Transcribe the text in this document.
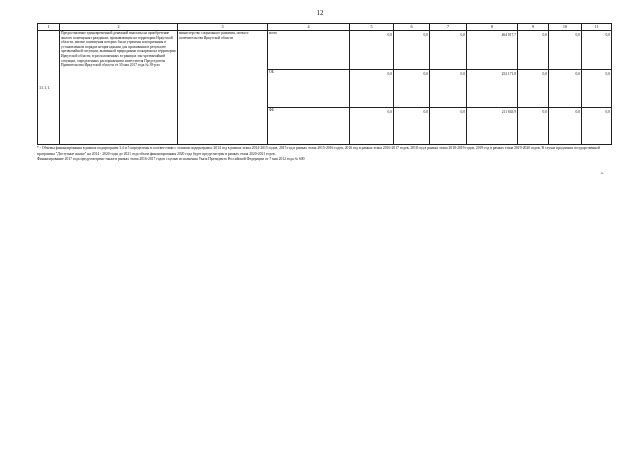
12
1	2	3	4	5	6	7	8	9	10	11
11.1.1.	Предоставление единовременной денежной выплаты на приобретение жилого помещения гражданам, проживающим на территории Иркутской области, жилые помещения которых были утрачены или признаны в установленном порядке непригодными для проживания в результате чрезвычайной ситуации, вызванной природными пожарами на территории Иркутской области, в расположенных в границах зон чрезвычайной ситуации, определенных распоряжением заместителя Председателя Правительства Иркутской области от 30 мая 2017 года № 39-рзп	министерство социального развития, опеки и попечительства Иркутской области	всего	0,0	0,0	0,0	464 017,7	0,0	0,0	0,0
			ОБ	0,0	0,0	0,0	252 171,8	0,0	0,0	0,0
			ФБ	0,0	0,0	0,0	211 845,9	0,0	0,0	0,0

* - Объемы финансирования в рамках подпрограмм 3,4 и 5 определены в соответствии с этапами подпрограмм: 2014 год в рамках этапа 2014-2015 годов, 2015 год в рамках этапа 2015-2016 годов, 2016 год в рамках этапа 2016-2017 годов, 2018 год в рамках этапа 2018-2019 годов, 2019 год в рамках этапа 2019-2020 годов. В случае продления государственной программы "Доступное жилье" на 2014 - 2020 годы до 2021 года объем финансирования 2020 года будет предусмотрен в рамках этапа 2020-2021 годов.

Финансирование 2017 года предусмотрено также в рамках этапа 2016-2017 годов с целью исполнения Указа Президента Российской Федерации от 7 мая 2012 года № 600

».
